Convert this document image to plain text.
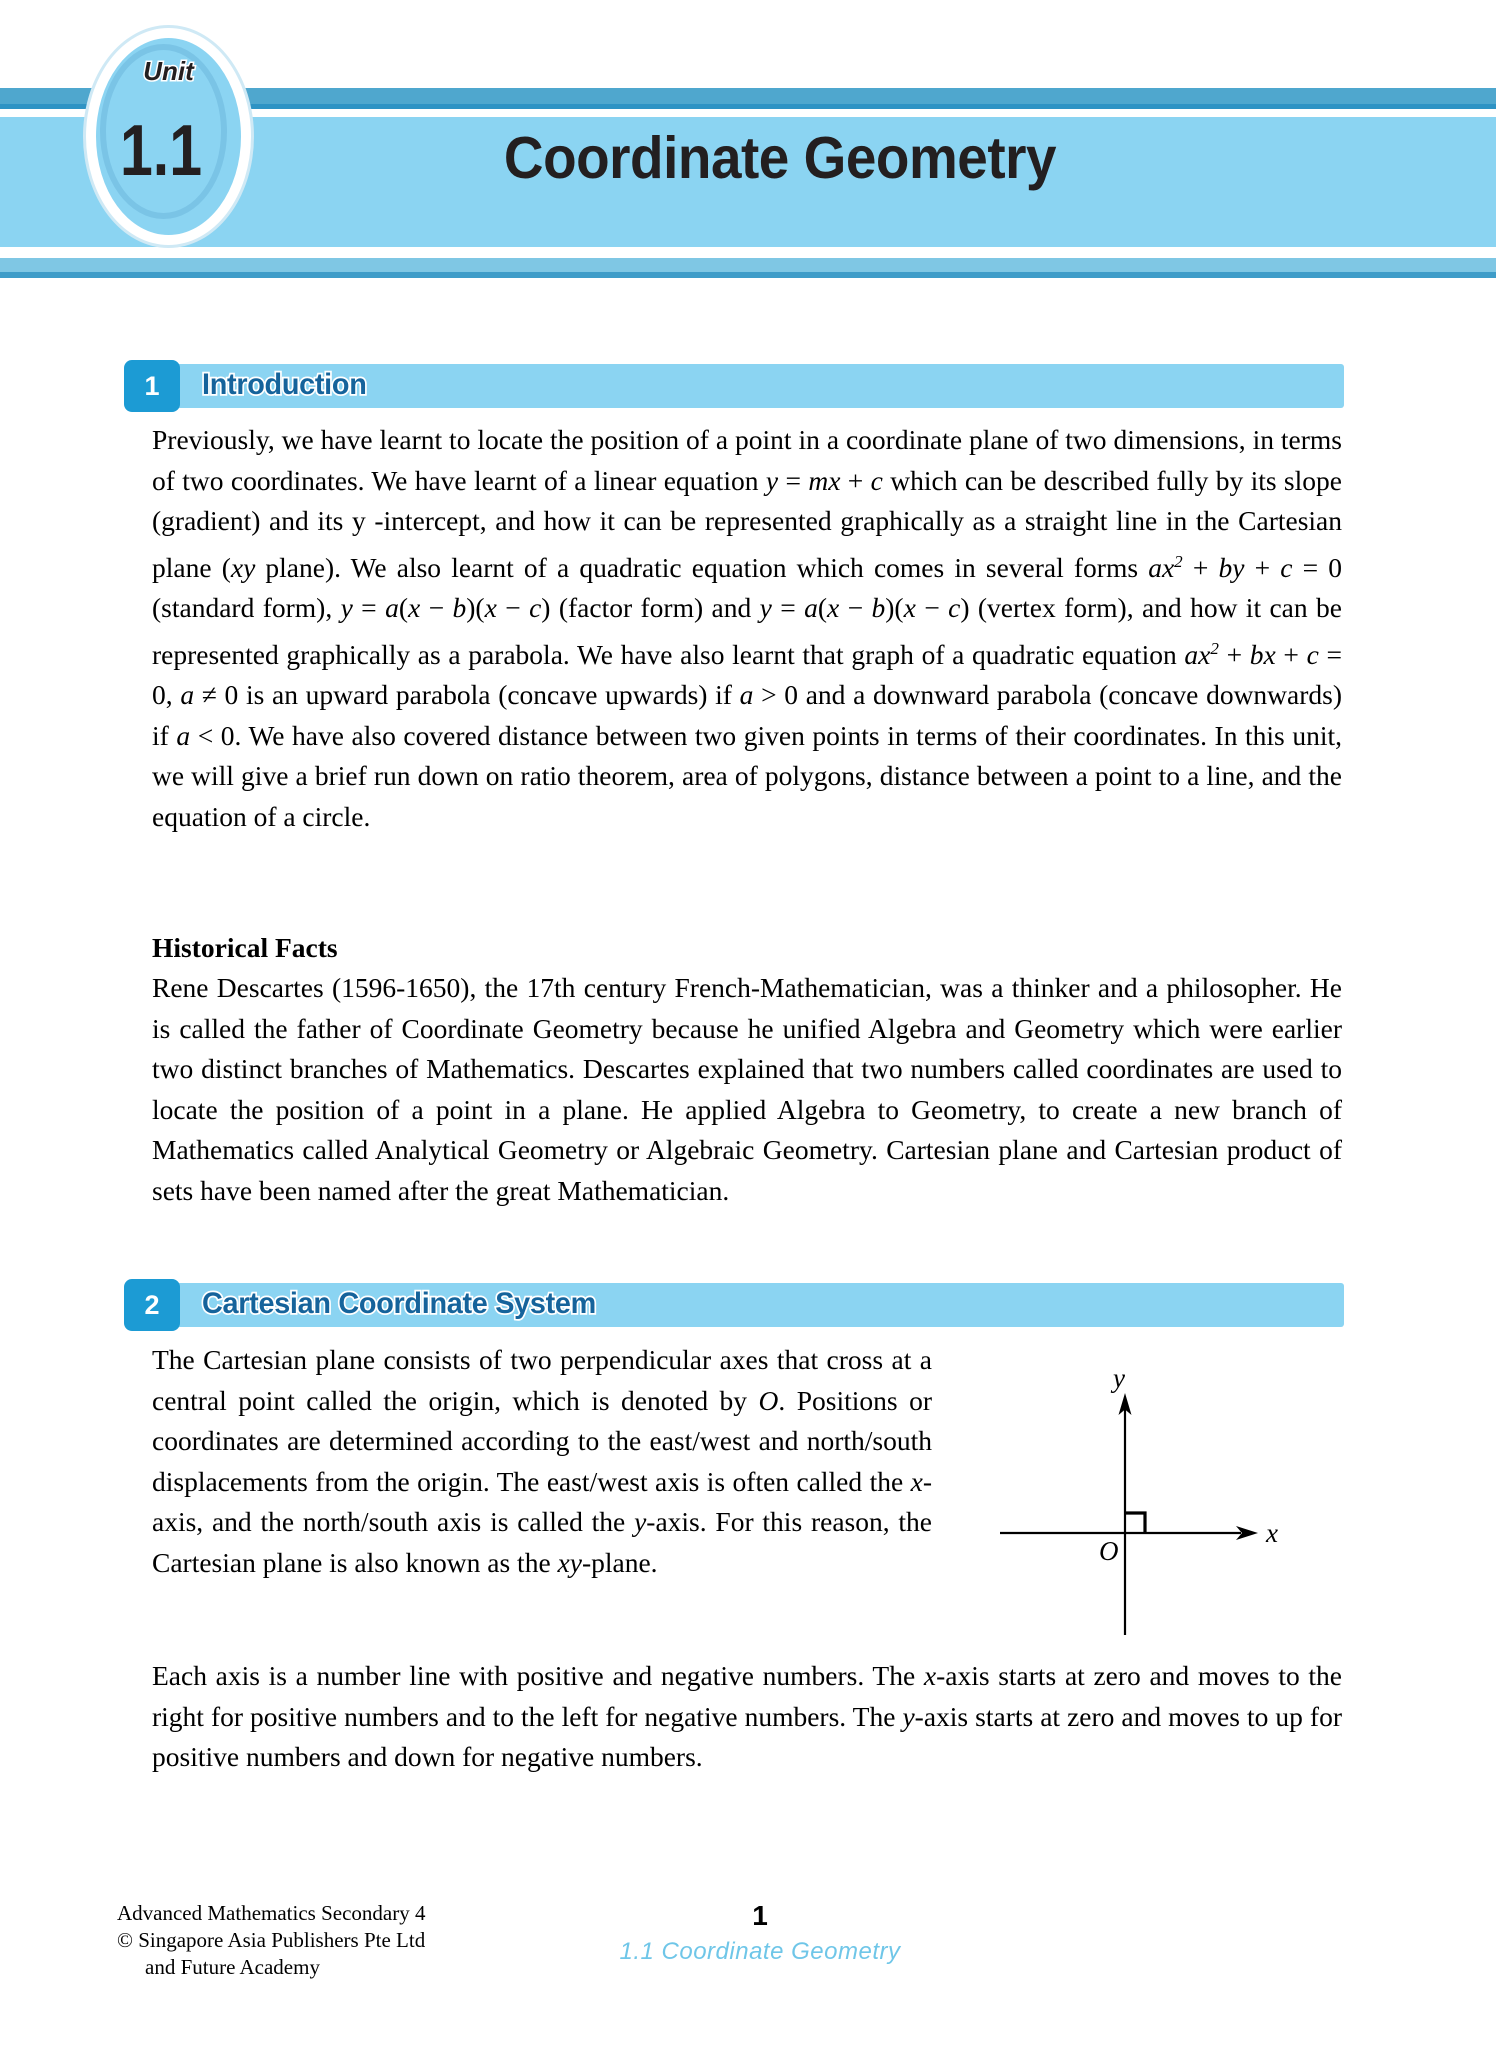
Unit
1.1	Coordinate Geometry
1	Introduction
Previously, we have learnt to locate the position of a point in a coordinate plane of two dimensions, in terms of two coordinates. We have learnt of a linear equation y = mx + c which can be described fully by its slope (gradient) and its y -intercept, and how it can be represented graphically as a straight line in the Cartesian plane (xy plane). We also learnt of a quadratic equation which comes in several forms $ax^2$ + by + c = 0 (standard form), y = a(x − b)(x − c) (factor form) and y = a(x − b)(x − c) (vertex form), and how it can be represented graphically as a parabola. We have also learnt that graph of a quadratic equation $ax^2$ + bx + c = 0, a ≠ 0 is an upward parabola (concave upwards) if a > 0 and a downward parabola (concave downwards) if a < 0. We have also covered distance between two given points in terms of their coordinates. In this unit, we will give a brief run down on ratio theorem, area of polygons, distance between a point to a line, and the equation of a circle.
Historical Facts
Rene Descartes (1596-1650), the 17th century French-Mathematician, was a thinker and a philosopher. He is called the father of Coordinate Geometry because he unified Algebra and Geometry which were earlier two distinct branches of Mathematics. Descartes explained that two numbers called coordinates are used to locate the position of a point in a plane. He applied Algebra to Geometry, to create a new branch of Mathematics called Analytical Geometry or Algebraic Geometry. Cartesian plane and Cartesian product of sets have been named after the great Mathematician.
2	Cartesian Coordinate System
The Cartesian plane consists of two perpendicular axes that cross at a central point called the origin, which is denoted by O. Positions or coordinates are determined according to the east/west and north/south displacements from the origin. The east/west axis is often called the x-axis, and the north/south axis is called the y-axis. For this reason, the Cartesian plane is also known as the xy-plane.
y
x
O
Each axis is a number line with positive and negative numbers. The x-axis starts at zero and moves to the right for positive numbers and to the left for negative numbers. The y-axis starts at zero and moves to up for positive numbers and down for negative numbers.
Advanced Mathematics Secondary 4
© Singapore Asia Publishers Pte Ltd
and Future Academy
1
1.1 Coordinate Geometry
